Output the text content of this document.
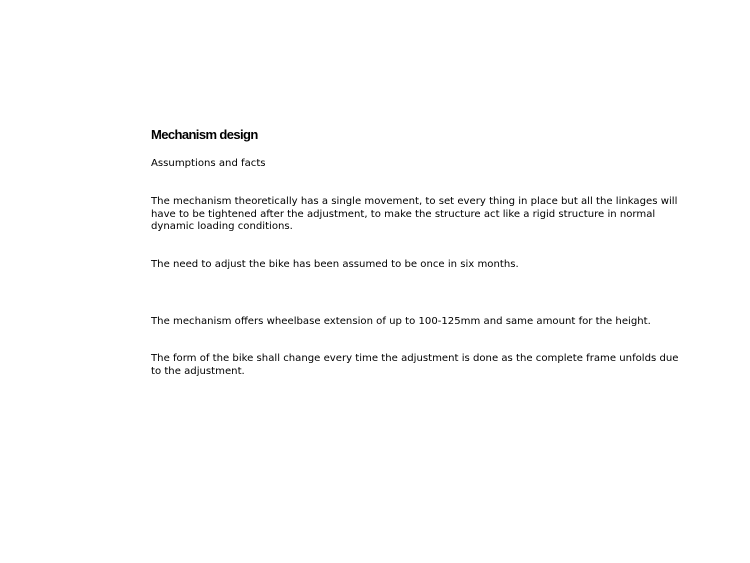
Mechanism design

Assumptions and facts

The mechanism theoretically has a single movement, to set every thing in place but all the linkages will have to be tightened after the adjustment, to make the structure act like a rigid structure in normal dynamic loading conditions.

The need to adjust the bike has been assumed to be once in six months.

The mechanism offers wheelbase extension of up to 100-125mm and same amount for the height.

The form of the bike shall change every time the adjustment is done as the complete frame unfolds due to the adjustment.
